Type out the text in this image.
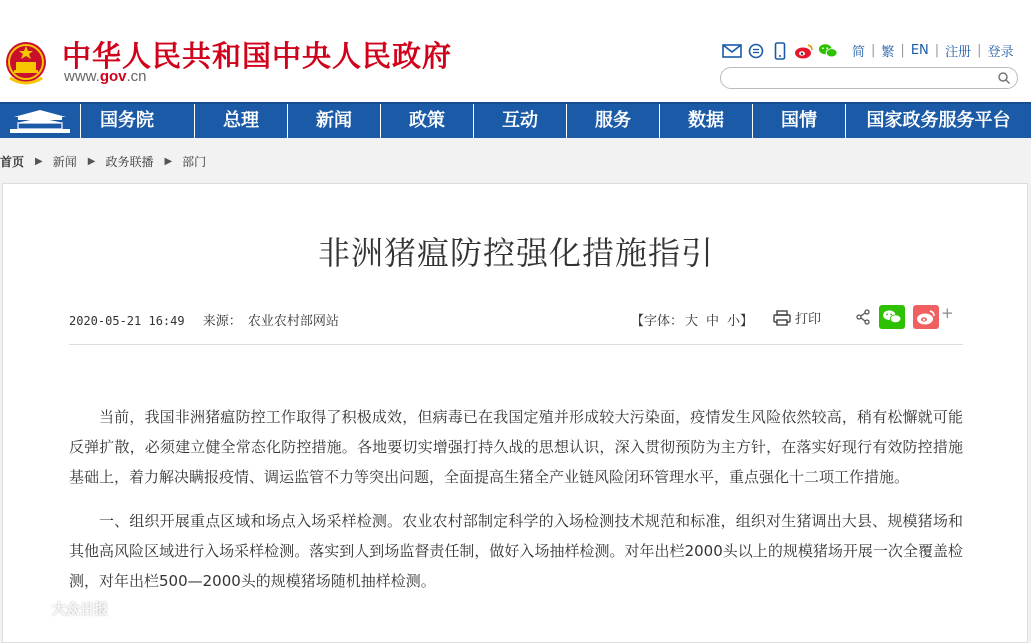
中华人民共和国中央人民政府
www.gov.cn
简 | 繁 | EN | 注册 | 登录
国务院	总理	新闻	政策	互动	服务	数据	国情	国家政务服务平台
首页 ▶ 新闻 ▶ 政务联播 ▶ 部门
非洲猪瘟防控强化措施指引
2020-05-21 16:49 来源： 农业农村部网站	【字体： 大 中 小】	打印	+

当前，我国非洲猪瘟防控工作取得了积极成效，但病毒已在我国定殖并形成较大污染面，疫情发生风险依然较高，稍有松懈就可能反弹扩散，必须建立健全常态化防控措施。各地要切实增强打持久战的思想认识，深入贯彻预防为主方针，在落实好现行有效防控措施基础上，着力解决瞒报疫情、调运监管不力等突出问题，全面提高生猪全产业链风险闭环管理水平，重点强化十二项工作措施。

一、组织开展重点区域和场点入场采样检测。农业农村部制定科学的入场检测技术规范和标准，组织对生猪调出大县、规模猪场和其他高风险区域进行入场采样检测。落实到人到场监督责任制，做好入场抽样检测。对年出栏2000头以上的规模猪场开展一次全覆盖检测，对年出栏500—2000头的规模猪场随机抽样检测。

大众日报
